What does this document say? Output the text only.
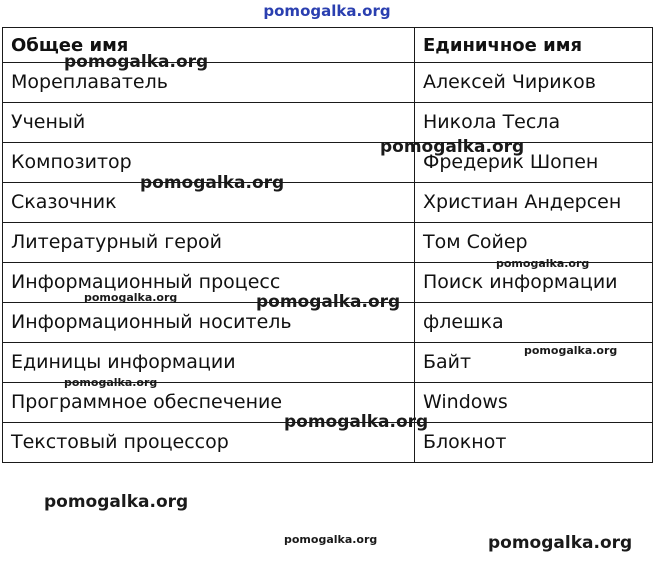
pomogalka.org
Общее имя	Единичное имя
Мореплаватель	Алексей Чириков
Ученый	Никола Тесла
Композитор	Фредерик Шопен
Сказочник	Христиан Андерсен
Литературный герой	Том Сойер
Информационный процесс	Поиск информации
Информационный носитель	флешка
Единицы информации	Байт
Программное обеспечение	Windows
Текстовый процессор	Блокнот
pomogalka.org
pomogalka.org
pomogalka.org
pomogalka.org
pomogalka.org	pomogalka.org
pomogalka.org
pomogalka.org
pomogalka.org
pomogalka.org
pomogalka.org	pomogalka.org
